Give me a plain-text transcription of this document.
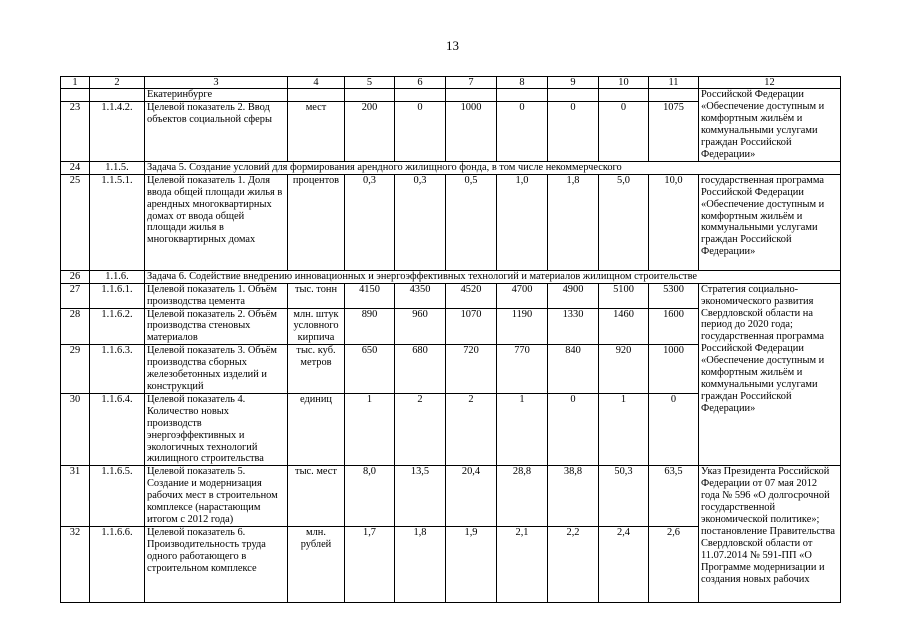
13
1	2	3	4	5	6	7	8	9	10	11	12
		Екатеринбурге									Российской Федерации
23	1.1.4.2.	Целевой показатель 2. Ввод объектов социальной сферы	мест	200	0	1000	0	0	0	1075	«Обеспечение доступным и комфортным жильём и коммунальными услугами граждан Российской Федерации»
24	1.1.5.	Задача 5. Создание условий для формирования арендного жилищного фонда, в том числе некоммерческого									
25	1.1.5.1.	Целевой показатель 1. Доля ввода общей площади жилья в арендных многоквартирных домах от ввода общей площади жилья в многоквартирных домах	процентов	0,3	0,3	0,5	1,0	1,8	5,0	10,0	государственная программа Российской Федерации «Обеспечение доступным и комфортным жильём и коммунальными услугами граждан Российской Федерации»
26	1.1.6.	Задача 6. Содействие внедрению инновационных и энергоэффективных технологий и материалов жилищном строительстве									
27	1.1.6.1.	Целевой показатель 1. Объём производства цемента	тыс. тонн	4150	4350	4520	4700	4900	5100	5300	Стратегия социально-экономического развития Свердловской области на период до 2020 года; государственная программа Российской Федерации «Обеспечение доступным и комфортным жильём и коммунальными услугами граждан Российской Федерации»
28	1.1.6.2.	Целевой показатель 2. Объём производства стеновых материалов	млн. штук условного кирпича	890	960	1070	1190	1330	1460	1600	
29	1.1.6.3.	Целевой показатель 3. Объём производства сборных железобетонных изделий и конструкций	тыс. куб. метров	650	680	720	770	840	920	1000	
30	1.1.6.4.	Целевой показатель 4. Количество новых производств энергоэффективных и экологичных технологий жилищного строительства	единиц	1	2	2	1	0	1	0	
31	1.1.6.5.	Целевой показатель 5. Создание и модернизация рабочих мест в строительном комплексе (нарастающим итогом с 2012 года)	тыс. мест	8,0	13,5	20,4	28,8	38,8	50,3	63,5	Указ Президента Российской Федерации от 07 мая 2012 года № 596 «О долгосрочной государственной экономической политике»; постановление Правительства Свердловской области от 11.07.2014 № 591-ПП «О Программе модернизации и создания новых рабочих
32	1.1.6.6.	Целевой показатель 6. Производительность труда одного работающего в строительном комплексе	млн. рублей	1,7	1,8	1,9	2,1	2,2	2,4	2,6	
